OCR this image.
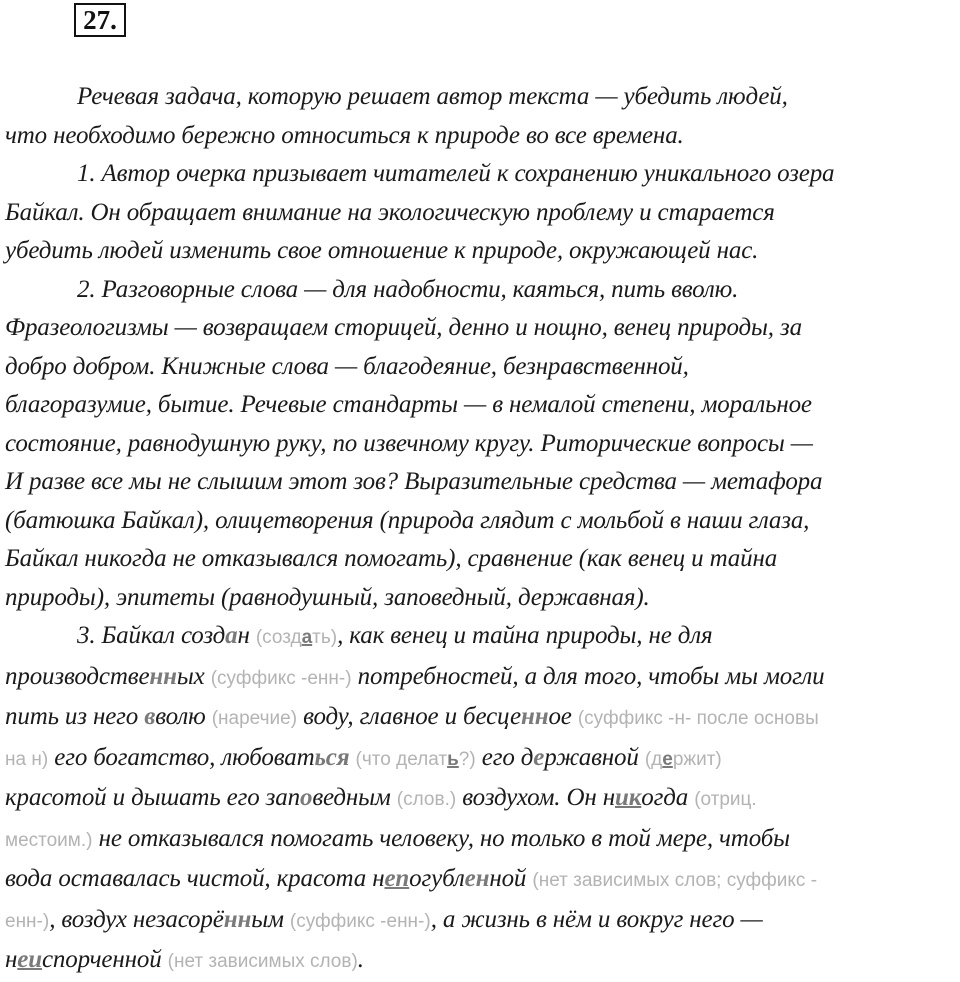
27.
Речевая задача, которую решает автор текста — убедить людей,
что необходимо бережно относиться к природе во все времена.
1. Автор очерка призывает читателей к сохранению уникального озера
Байкал. Он обращает внимание на экологическую проблему и старается
убедить людей изменить свое отношение к природе, окружающей нас.
2. Разговорные слова — для надобности, каяться, пить вволю.
Фразеологизмы — возвращаем сторицей, денно и нощно, венец природы, за
добро добром. Книжные слова — благодеяние, безнравственной,
благоразумие, бытие. Речевые стандарты — в немалой степени, моральное
состояние, равнодушную руку, по извечному кругу. Риторические вопросы —
И разве все мы не слышим этот зов? Выразительные средства — метафора
(батюшка Байкал), олицетворения (природа глядит с мольбой в наши глаза,
Байкал никогда не отказывался помогать), сравнение (как венец и тайна
природы), эпитеты (равнодушный, заповедный, державная).
3. Байкал создан (создать), как венец и тайна природы, не для
производственных (суффикс -енн-) потребностей, а для того, чтобы мы могли
пить из него вволю (наречие) воду, главное и бесценное (суффикс -н- после основы
на н) его богатство, любоваться (что делать?) его державной (держит)
красотой и дышать его заповедным (слов.) воздухом. Он никогда (отриц.
местоим.) не отказывался помогать человеку, но только в той мере, чтобы
вода оставалась чистой, красота непогубленной (нет зависимых слов; суффикс -
енн-), воздух незасорённым (суффикс -енн-), а жизнь в нём и вокруг него —
неиспорченной (нет зависимых слов).
